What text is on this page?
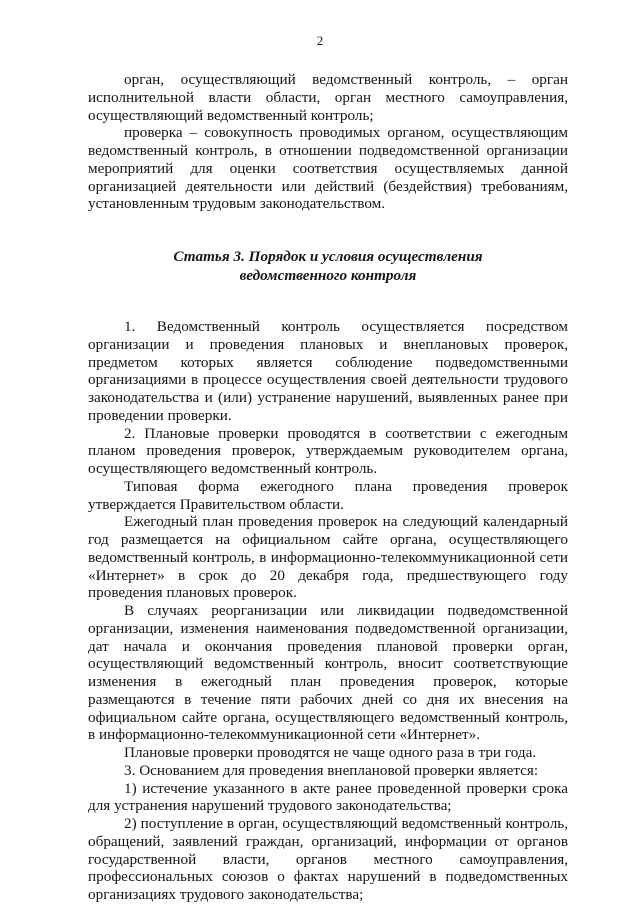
2

орган, осуществляющий ведомственный контроль, – орган исполнительной власти области, орган местного самоуправления, осуществляющий ведомственный контроль;

проверка – совокупность проводимых органом, осуществляющим ведомственный контроль, в отношении подведомственной организации мероприятий для оценки соответствия осуществляемых данной организацией деятельности или действий (бездействия) требованиям, установленным трудовым законодательством.

Статья 3. Порядок и условия осуществления
ведомственного контроля

1. Ведомственный контроль осуществляется посредством организации и проведения плановых и внеплановых проверок, предметом которых является соблюдение подведомственными организациями в процессе осуществления своей деятельности трудового законодательства и (или) устранение нарушений, выявленных ранее при проведении проверки.

2. Плановые проверки проводятся в соответствии с ежегодным планом проведения проверок, утверждаемым руководителем органа, осуществляющего ведомственный контроль.

Типовая форма ежегодного плана проведения проверок утверждается Правительством области.

Ежегодный план проведения проверок на следующий календарный год размещается на официальном сайте органа, осуществляющего ведомственный контроль, в информационно-телекоммуникационной сети «Интернет» в срок до 20 декабря года, предшествующего году проведения плановых проверок.

В случаях реорганизации или ликвидации подведомственной организации, изменения наименования подведомственной организации, дат начала и окончания проведения плановой проверки орган, осуществляющий ведомственный контроль, вносит соответствующие изменения в ежегодный план проведения проверок, которые размещаются в течение пяти рабочих дней со дня их внесения на официальном сайте органа, осуществляющего ведомственный контроль, в информационно-телекоммуникационной сети «Интернет».

Плановые проверки проводятся не чаще одного раза в три года.

3. Основанием для проведения внеплановой проверки является:

1) истечение указанного в акте ранее проведенной проверки срока для устранения нарушений трудового законодательства;

2) поступление в орган, осуществляющий ведомственный контроль, обращений, заявлений граждан, организаций, информации от органов государственной власти, органов местного самоуправления, профессиональных союзов о фактах нарушений в подведомственных организациях трудового законодательства;
